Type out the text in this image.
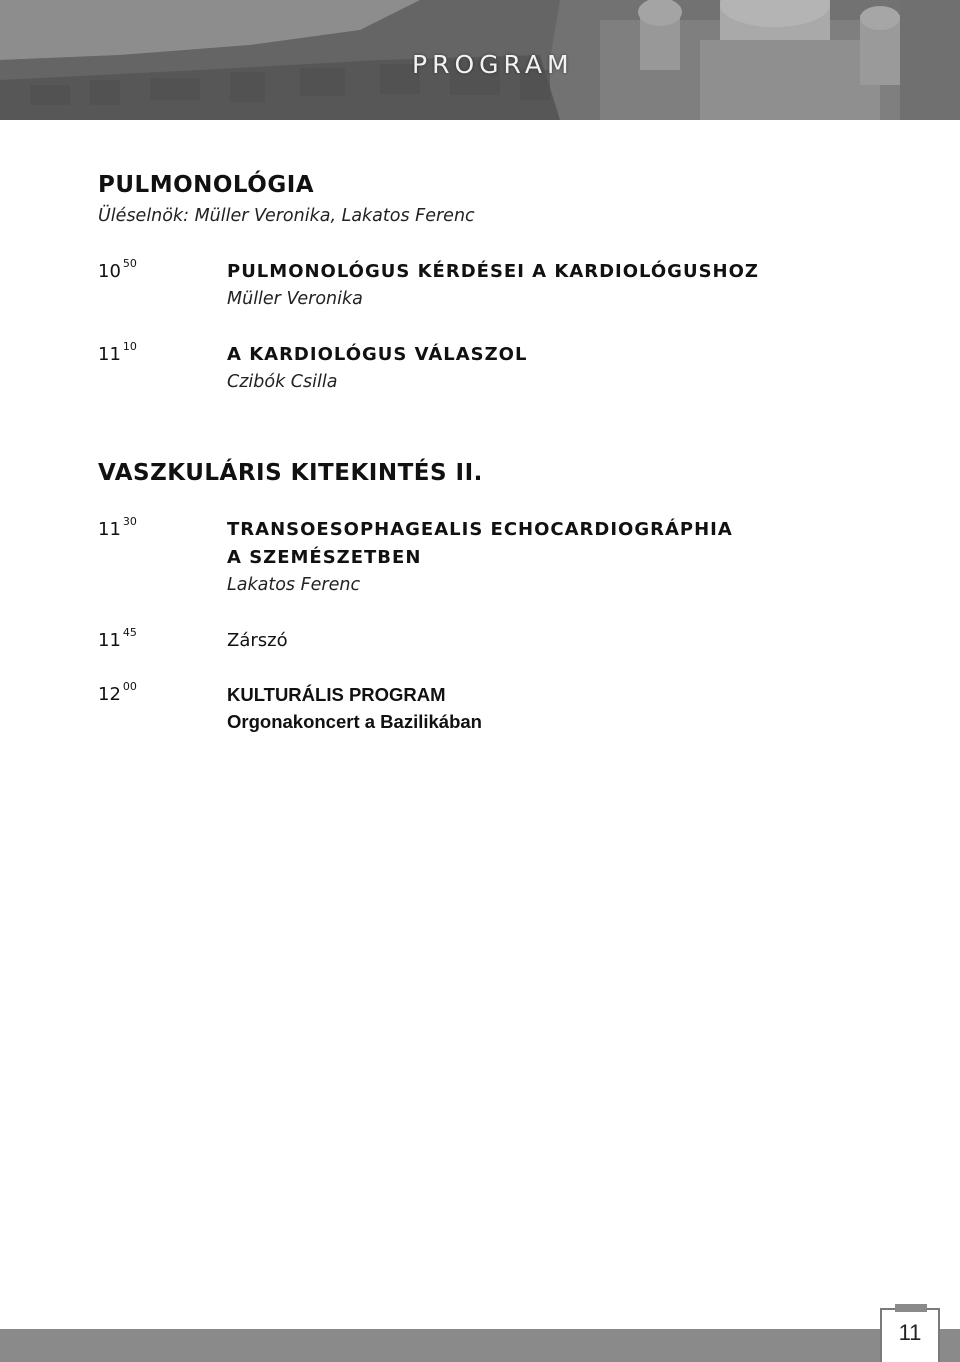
PROGRAM
PULMONOLÓGIA
Üléselnök: Müller Veronika, Lakatos Ferenc
10 $^{50}$	PULMONOLÓGUS KÉRDÉSEI A KARDIOLÓGUSHOZ
Müller Veronika
11 $^{10}$	A KARDIOLÓGUS VÁLASZOL
Czibók Csilla
VASZKULÁRIS KITEKINTÉS II.
11 $^{30}$	TRANSOESOPHAGEALIS ECHOCARDIOGRÁPHIA
A SZEMÉSZETBEN
Lakatos Ferenc
11 $^{45}$	Zárszó
12 $^{00}$	KULTURÁLIS PROGRAM
Orgonakoncert a Bazilikában
11
